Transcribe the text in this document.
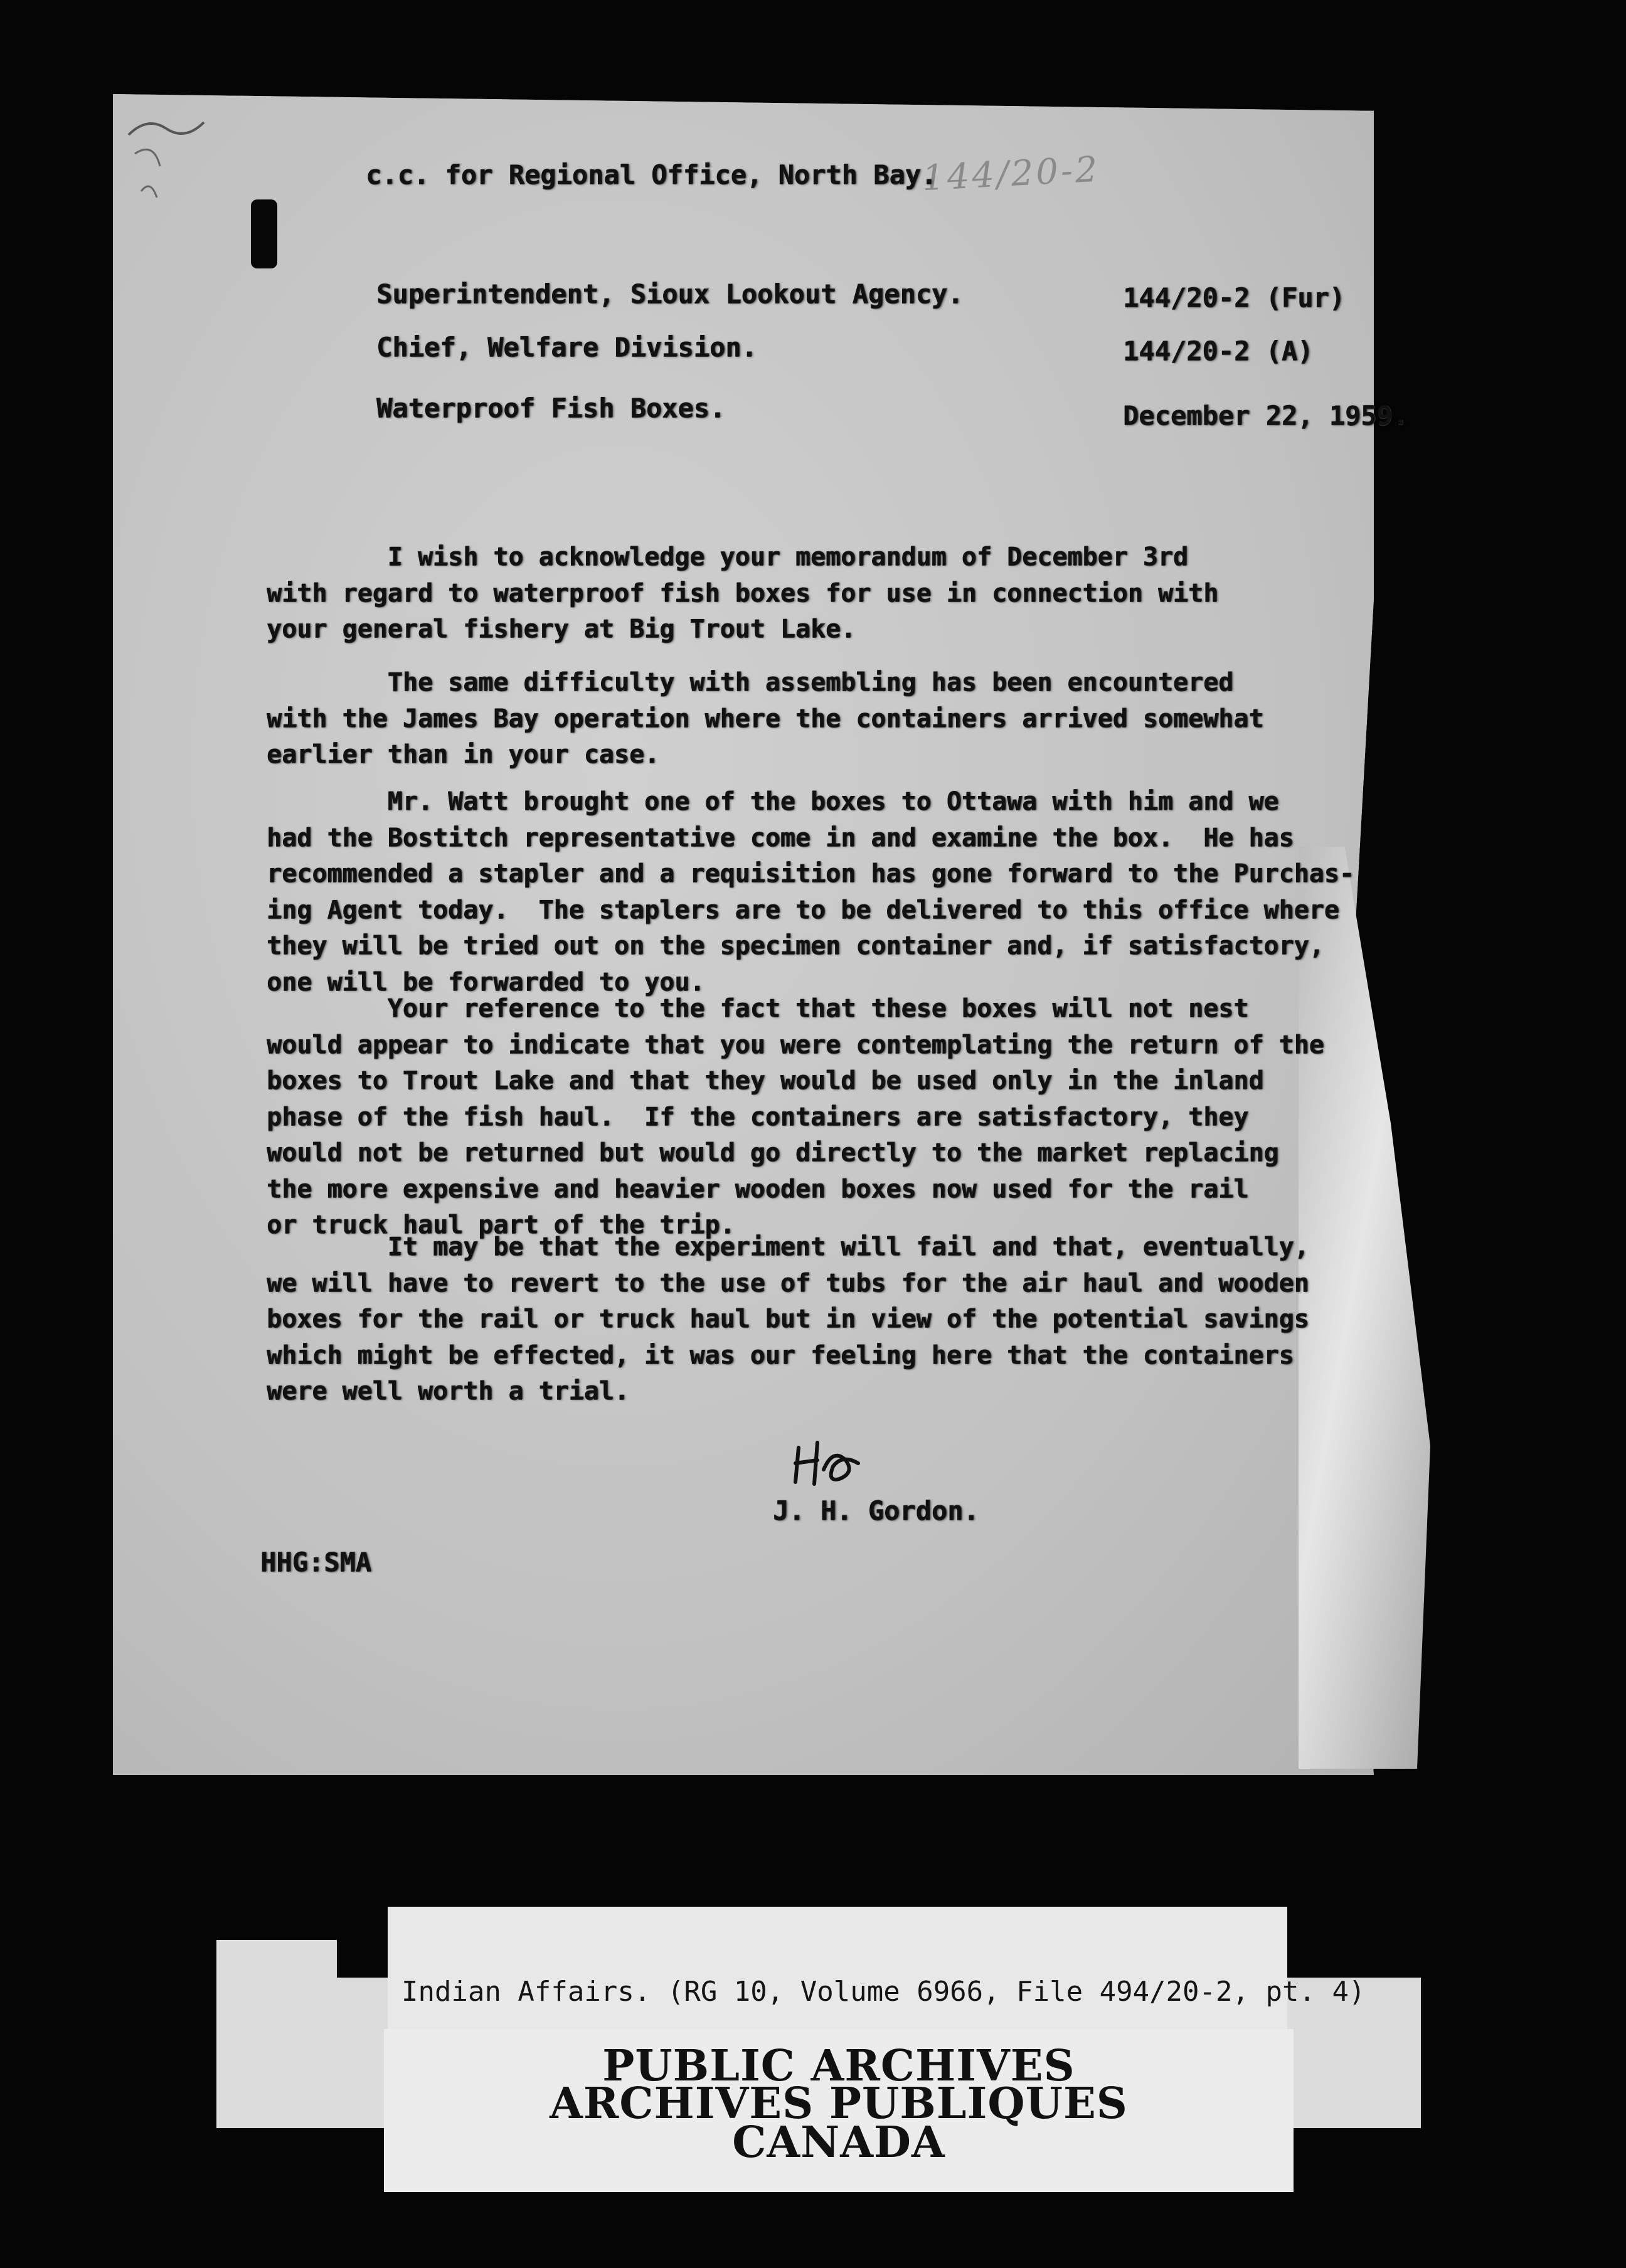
144/20-2
c.c. for Regional Office, North Bay.
Superintendent, Sioux Lookout Agency.	144/20-2 (Fur)
Chief, Welfare Division.	144/20-2 (A)
Waterproof Fish Boxes.	December 22, 1959.
I wish to acknowledge your memorandum of December 3rd
with regard to waterproof fish boxes for use in connection with
your general fishery at Big Trout Lake.
The same difficulty with assembling has been encountered
with the James Bay operation where the containers arrived somewhat
earlier than in your case.
Mr. Watt brought one of the boxes to Ottawa with him and we
had the Bostitch representative come in and examine the box.  He has
recommended a stapler and a requisition has gone forward to the Purchas-
ing Agent today.  The staplers are to be delivered to this office where
they will be tried out on the specimen container and, if satisfactory,
one will be forwarded to you.
Your reference to the fact that these boxes will not nest
would appear to indicate that you were contemplating the return of the
boxes to Trout Lake and that they would be used only in the inland
phase of the fish haul.  If the containers are satisfactory, they
would not be returned but would go directly to the market replacing
the more expensive and heavier wooden boxes now used for the rail
or truck haul part of the trip.
It may be that the experiment will fail and that, eventually,
we will have to revert to the use of tubs for the air haul and wooden
boxes for the rail or truck haul but in view of the potential savings
which might be effected, it was our feeling here that the containers
were well worth a trial.
J. H. Gordon.
HHG:SMA
Indian Affairs. (RG 10, Volume 6966, File 494/20-2, pt. 4)
PUBLIC ARCHIVES
ARCHIVES PUBLIQUES
CANADA
